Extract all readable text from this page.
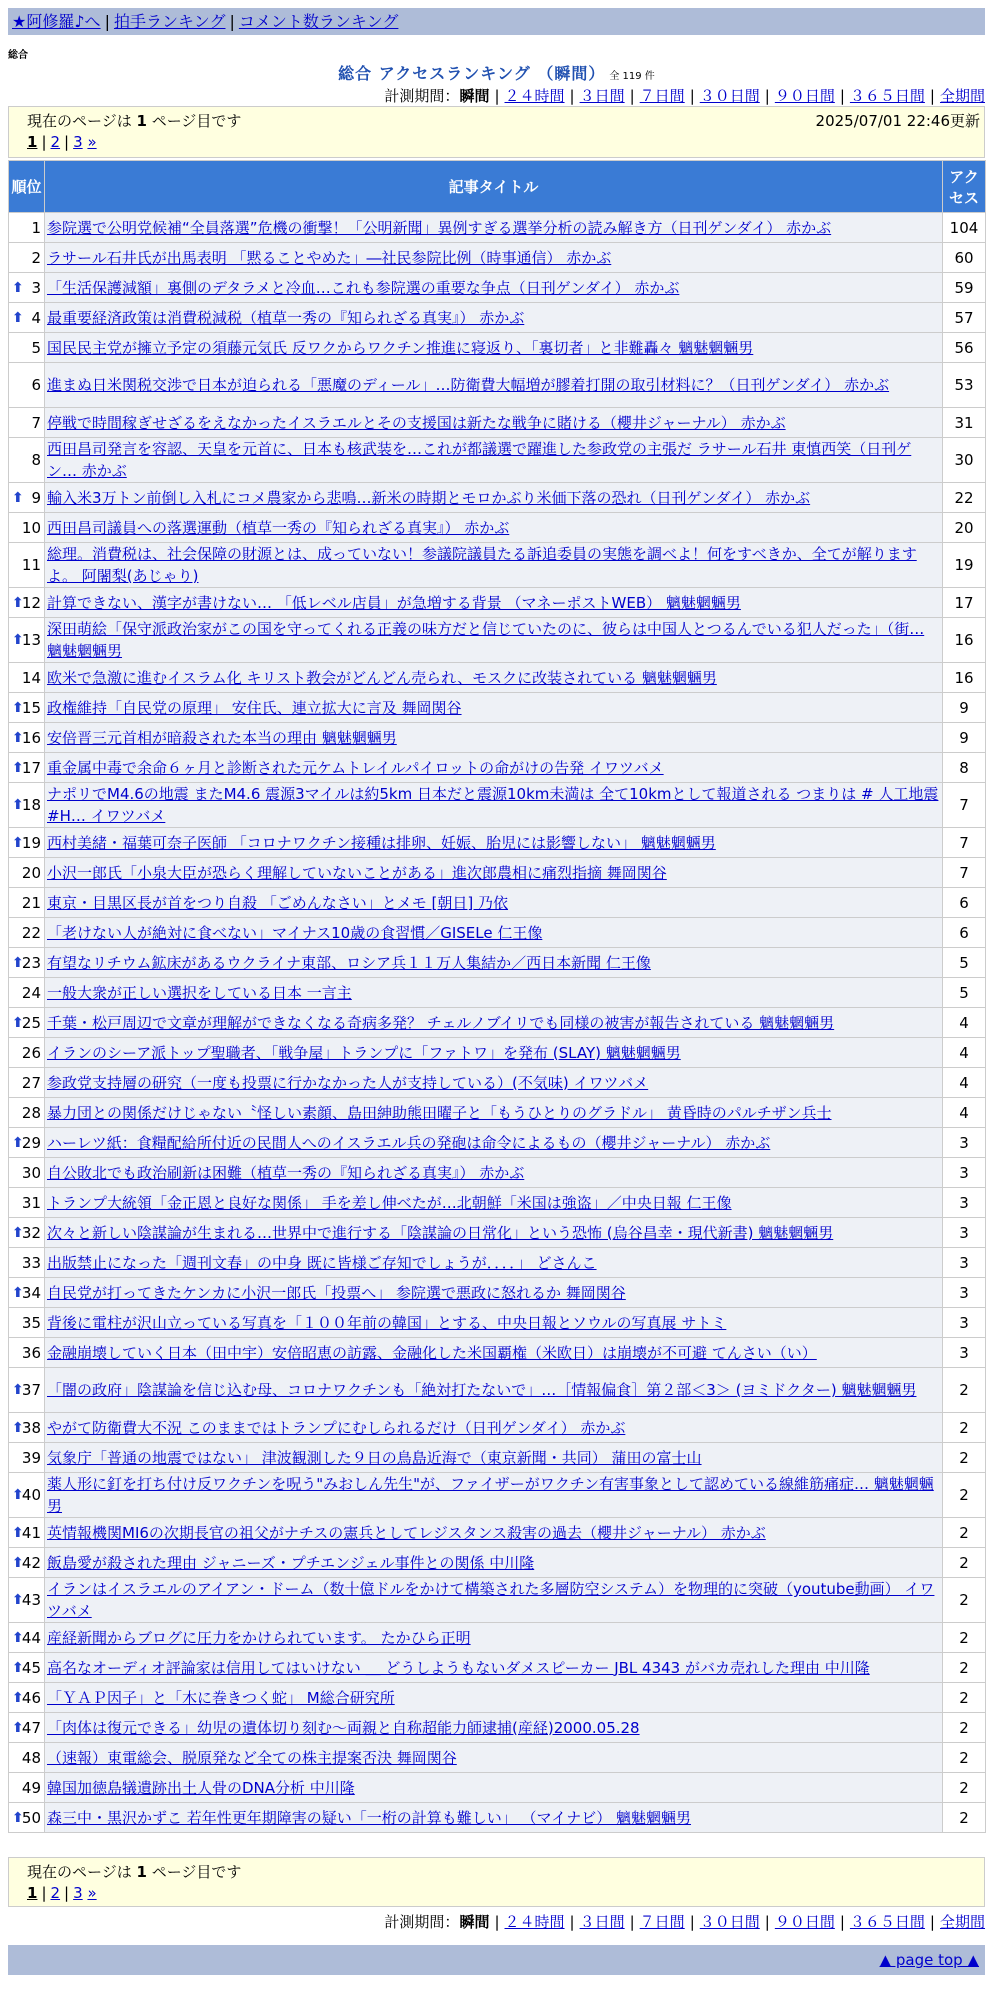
★阿修羅♪へ | 拍手ランキング | コメント数ランキング
総合
総合 アクセスランキング （瞬間） 全 119 件
計測期間：瞬間 | ２４時間 | ３日間 | ７日間 | ３０日間 | ９０日間 | ３６５日間 | 全期間
現在のページは 1 ページ目です	2025/07/01 22:46更新
1 | 2 | 3 »
順位	記事タイトル	アクセス
1	参院選で公明党候補“全員落選”危機の衝撃！「公明新聞」異例すぎる選挙分析の読み解き方（日刊ゲンダイ） 赤かぶ	104
2	ラサール石井氏が出馬表明 「黙ることやめた」―社民参院比例（時事通信） 赤かぶ	60

⬆ 3	「生活保護減額」裏側のデタラメと冷血…これも参院選の重要な争点（日刊ゲンダイ） 赤かぶ	59

⬆ 4	最重要経済政策は消費税減税（植草一秀の『知られざる真実』） 赤かぶ	57
5	国民民主党が擁立予定の須藤元気氏 反ワクからワクチン推進に寝返り、「裏切者」と非難轟々 魑魅魍魎男	56
6	進まぬ日米関税交渉で日本が迫られる「悪魔のディール」…防衛費大幅増が膠着打開の取引材料に？（日刊ゲンダイ） 赤かぶ	53
7	停戦で時間稼ぎせざるをえなかったイスラエルとその支援国は新たな戦争に賭ける（櫻井ジャーナル） 赤かぶ	31
8	西田昌司発言を容認、天皇を元首に、日本も核武装を…これが都議選で躍進した参政党の主張だ ラサール石井 東慎西笑（日刊ゲン… 赤かぶ	30

⬆ 9	輸入米3万トン前倒し入札にコメ農家から悲鳴…新米の時期とモロかぶり米価下落の恐れ（日刊ゲンダイ） 赤かぶ	22
10	西田昌司議員への落選運動（植草一秀の『知られざる真実』） 赤かぶ	20
11	総理。消費税は、社会保障の財源とは、成っていない！参議院議員たる訴追委員の実態を調べよ！何をすべきか、全てが解りますよ。 阿闍梨(あじゃり)	19

⬆
12	計算できない、漢字が書けない… 「低レベル店員」が急増する背景 （マネーポストWEB） 魑魅魍魎男	17

⬆
13	深田萌絵「保守派政治家がこの国を守ってくれる正義の味方だと信じていたのに、彼らは中国人とつるんでいる犯人だった」（街… 魑魅魍魎男	16
14	欧米で急激に進むイスラム化 キリスト教会がどんどん売られ、モスクに改装されている 魑魅魍魎男	16

⬆
15	政権維持「自民党の原理」 安住氏、連立拡大に言及 舞岡関谷	9

⬆
16	安倍晋三元首相が暗殺された本当の理由 魑魅魍魎男	9

⬆
17	重金属中毒で余命６ヶ月と診断された元ケムトレイルパイロットの命がけの告発 イワツバメ	8

⬆
18	ナポリでM4.6の地震 またM4.6 震源3マイルは約5km 日本だと震源10km未満は 全て10kmとして報道される つまりは # 人工地震 #H… イワツバメ	7

⬆
19	西村美緒・福葉可奈子医師 「コロナワクチン接種は排卵、妊娠、胎児には影響しない」 魑魅魍魎男	7
20	小沢一郎氏「小泉大臣が恐らく理解していないことがある」進次郎農相に痛烈指摘 舞岡関谷	7
21	東京・目黒区長が首をつり自殺 「ごめんなさい」とメモ [朝日] 乃依	6
22	「老けない人が絶対に食べない」マイナス10歳の食習慣／GISELe 仁王像	6

⬆
23	有望なリチウム鉱床があるウクライナ東部、ロシア兵１１万人集結か／西日本新聞 仁王像	5
24	一般大衆が正しい選択をしている日本 一言主	5

⬆
25	千葉・松戸周辺で文章が理解ができなくなる奇病多発？ チェルノブイリでも同様の被害が報告されている 魑魅魍魎男	4
26	イランのシーア派トップ聖職者、「戦争屋」トランプに「ファトワ」を発布 (SLAY) 魑魅魍魎男	4
27	参政党支持層の研究（一度も投票に行かなかった人が支持している）(不気味) イワツバメ	4
28	暴力団との関係だけじゃない〝怪しい素顔、島田紳助熊田曜子と「もうひとりのグラドル」 黄昏時のパルチザン兵士	4

⬆
29	ハーレツ紙：食糧配給所付近の民間人へのイスラエル兵の発砲は命令によるもの（櫻井ジャーナル） 赤かぶ	3
30	自公敗北でも政治刷新は困難（植草一秀の『知られざる真実』） 赤かぶ	3
31	トランプ大統領「金正恩と良好な関係」 手を差し伸べたが…北朝鮮「米国は強盗」／中央日報 仁王像	3

⬆
32	次々と新しい陰謀論が生まれる…世界中で進行する「陰謀論の日常化」という恐怖 (烏谷昌幸・現代新書) 魑魅魍魎男	3
33	出版禁止になった「週刊文春」の中身 既に皆様ご存知でしょうが．．．．」 どさんこ	3

⬆
34	自民党が打ってきたケンカに小沢一郎氏「投票へ」 参院選で悪政に怒れるか 舞岡関谷	3
35	背後に電柱が沢山立っている写真を「１００年前の韓国」とする、中央日報とソウルの写真展 サトミ	3
36	金融崩壊していく日本（田中宇）安倍昭恵の訪露、金融化した米国覇権（米欧日）は崩壊が不可避 てんさい（い）	3

⬆
37	「闇の政府」陰謀論を信じ込む母、コロナワクチンも「絶対打たないで」…［情報偏食］第２部＜3＞ (ヨミドクター) 魑魅魍魎男	2

⬆
38	やがて防衛費大不況 このままではトランプにむしられるだけ（日刊ゲンダイ） 赤かぶ	2
39	気象庁「普通の地震ではない」 津波観測した９日の鳥島近海で（東京新聞・共同） 蒲田の富士山	2

⬆
40	薬人形に釘を打ち付け反ワクチンを呪う"みおしん先生"が、ファイザーがワクチン有害事象として認めている線維筋痛症… 魑魅魍魎男	2

⬆
41	英情報機関MI6の次期長官の祖父がナチスの憲兵としてレジスタンス殺害の過去（櫻井ジャーナル） 赤かぶ	2

⬆
42	飯島愛が殺された理由 ジャニーズ・プチエンジェル事件との関係 中川隆	2

⬆
43	イランはイスラエルのアイアン・ドーム（数十億ドルをかけて構築された多層防空システム）を物理的に突破（youtube動画） イワツバメ	2

⬆
44	産経新聞からブログに圧力をかけられています。 たかひら正明	2

⬆
45	高名なオーディオ評論家は信用してはいけない ＿ どうしようもないダメスピーカー JBL 4343 がバカ売れした理由 中川隆	2

⬆
46	「ＹＡＰ因子」と「木に巻きつく蛇」 M総合研究所	2

⬆
47	「肉体は復元できる」幼児の遺体切り刻む～両親と自称超能力師逮捕(産経)2000.05.28	2
48	（速報）東電総会、脱原発など全ての株主提案否決 舞岡関谷	2
49	韓国加徳島犠遺跡出土人骨のDNA分析 中川隆	2

⬆
50	森三中・黒沢かずこ 若年性更年期障害の疑い「一桁の計算も難しい」 （マイナビ） 魑魅魍魎男	2
現在のページは 1 ページ目です
1 | 2 | 3 »
計測期間：瞬間 | ２４時間 | ３日間 | ７日間 | ３０日間 | ９０日間 | ３６５日間 | 全期間
▲ page top ▲
